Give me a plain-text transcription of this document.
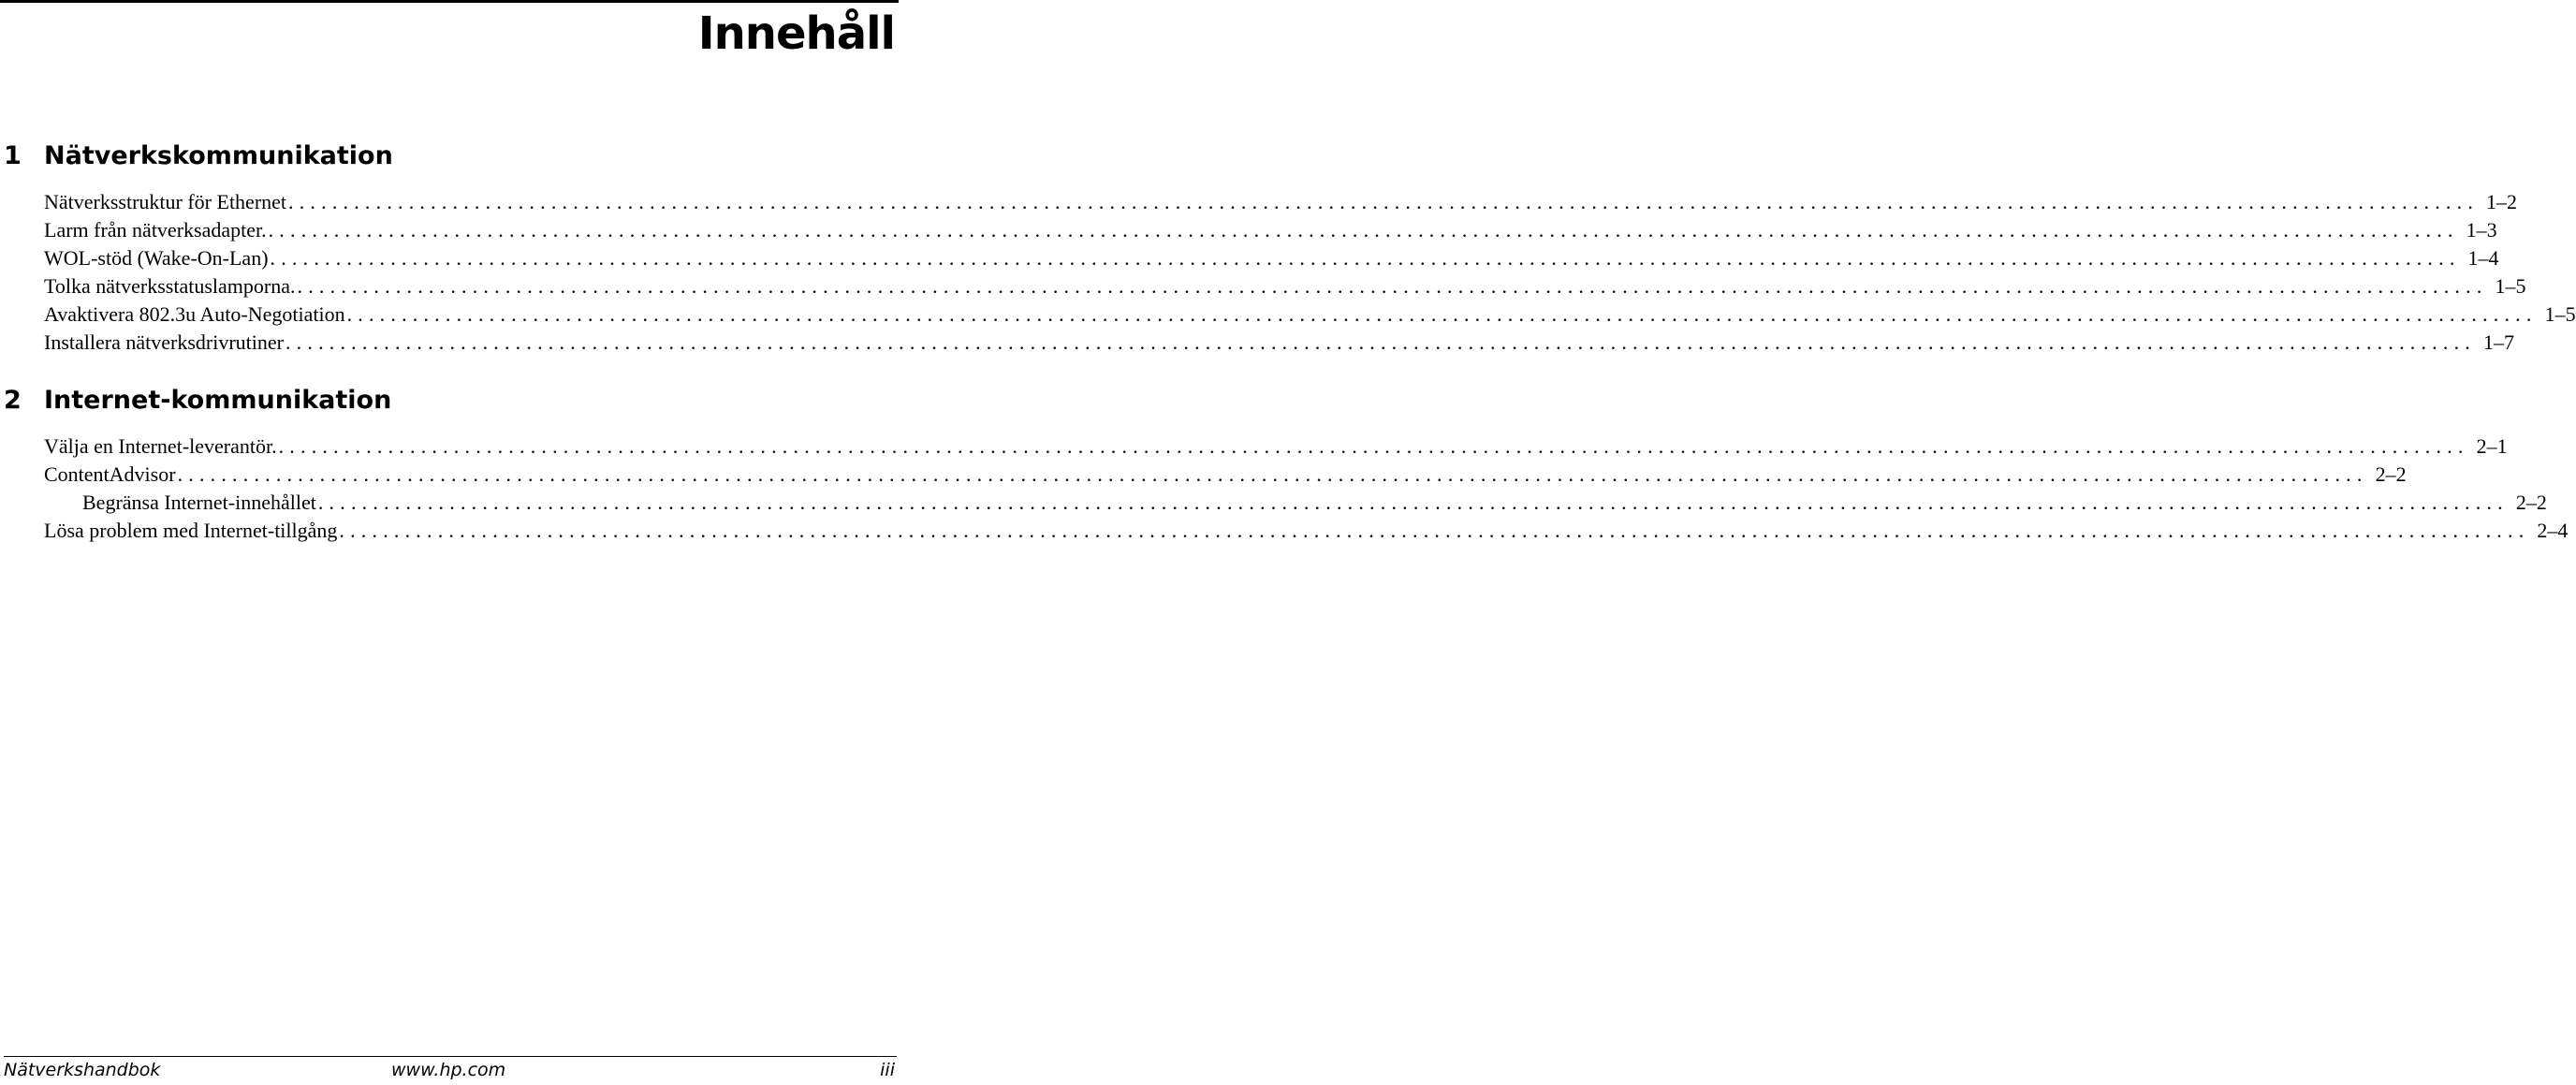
Innehåll
1 Nätverkskommunikation
Nätverksstruktur för Ethernet ........................................................................................................................................................................................................ 1–2
Larm från nätverksadapter. ........................................................................................................................................................................................................ 1–3
WOL-stöd (Wake-On-Lan) ........................................................................................................................................................................................................ 1–4
Tolka nätverksstatuslamporna. ........................................................................................................................................................................................................ 1–5
Avaktivera 802.3u Auto-Negotiation ........................................................................................................................................................................................................ 1–5
Installera nätverksdrivrutiner ........................................................................................................................................................................................................ 1–7
2 Internet-kommunikation
Välja en Internet-leverantör. ........................................................................................................................................................................................................ 2–1
ContentAdvisor ........................................................................................................................................................................................................ 2–2
Begränsa Internet-innehållet ........................................................................................................................................................................................................ 2–2
Lösa problem med Internet-tillgång ........................................................................................................................................................................................................ 2–4
Nätverkshandbok	www.hp.com	iii
